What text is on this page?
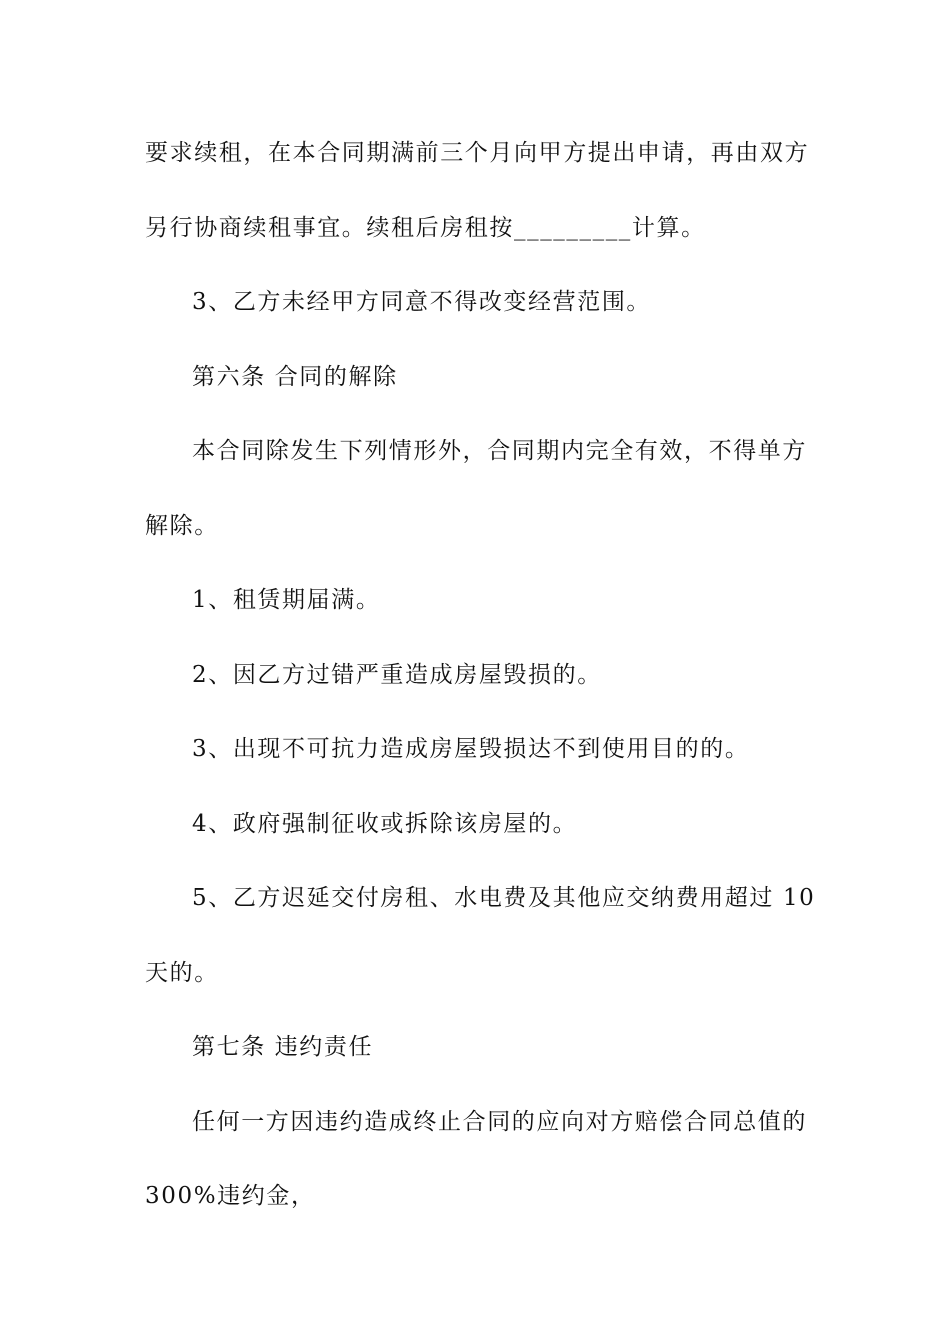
要求续租，在本合同期满前三个月向甲方提出申请，再由双方
另行协商续租事宜。续租后房租按_________计算。
3、乙方未经甲方同意不得改变经营范围。
第六条 合同的解除
本合同除发生下列情形外，合同期内完全有效，不得单方
解除。
1、租赁期届满。
2、因乙方过错严重造成房屋毁损的。
3、出现不可抗力造成房屋毁损达不到使用目的的。
4、政府强制征收或拆除该房屋的。
5、乙方迟延交付房租、水电费及其他应交纳费用超过 10
天的。
第七条 违约责任
任何一方因违约造成终止合同的应向对方赔偿合同总值的
300%违约金，
